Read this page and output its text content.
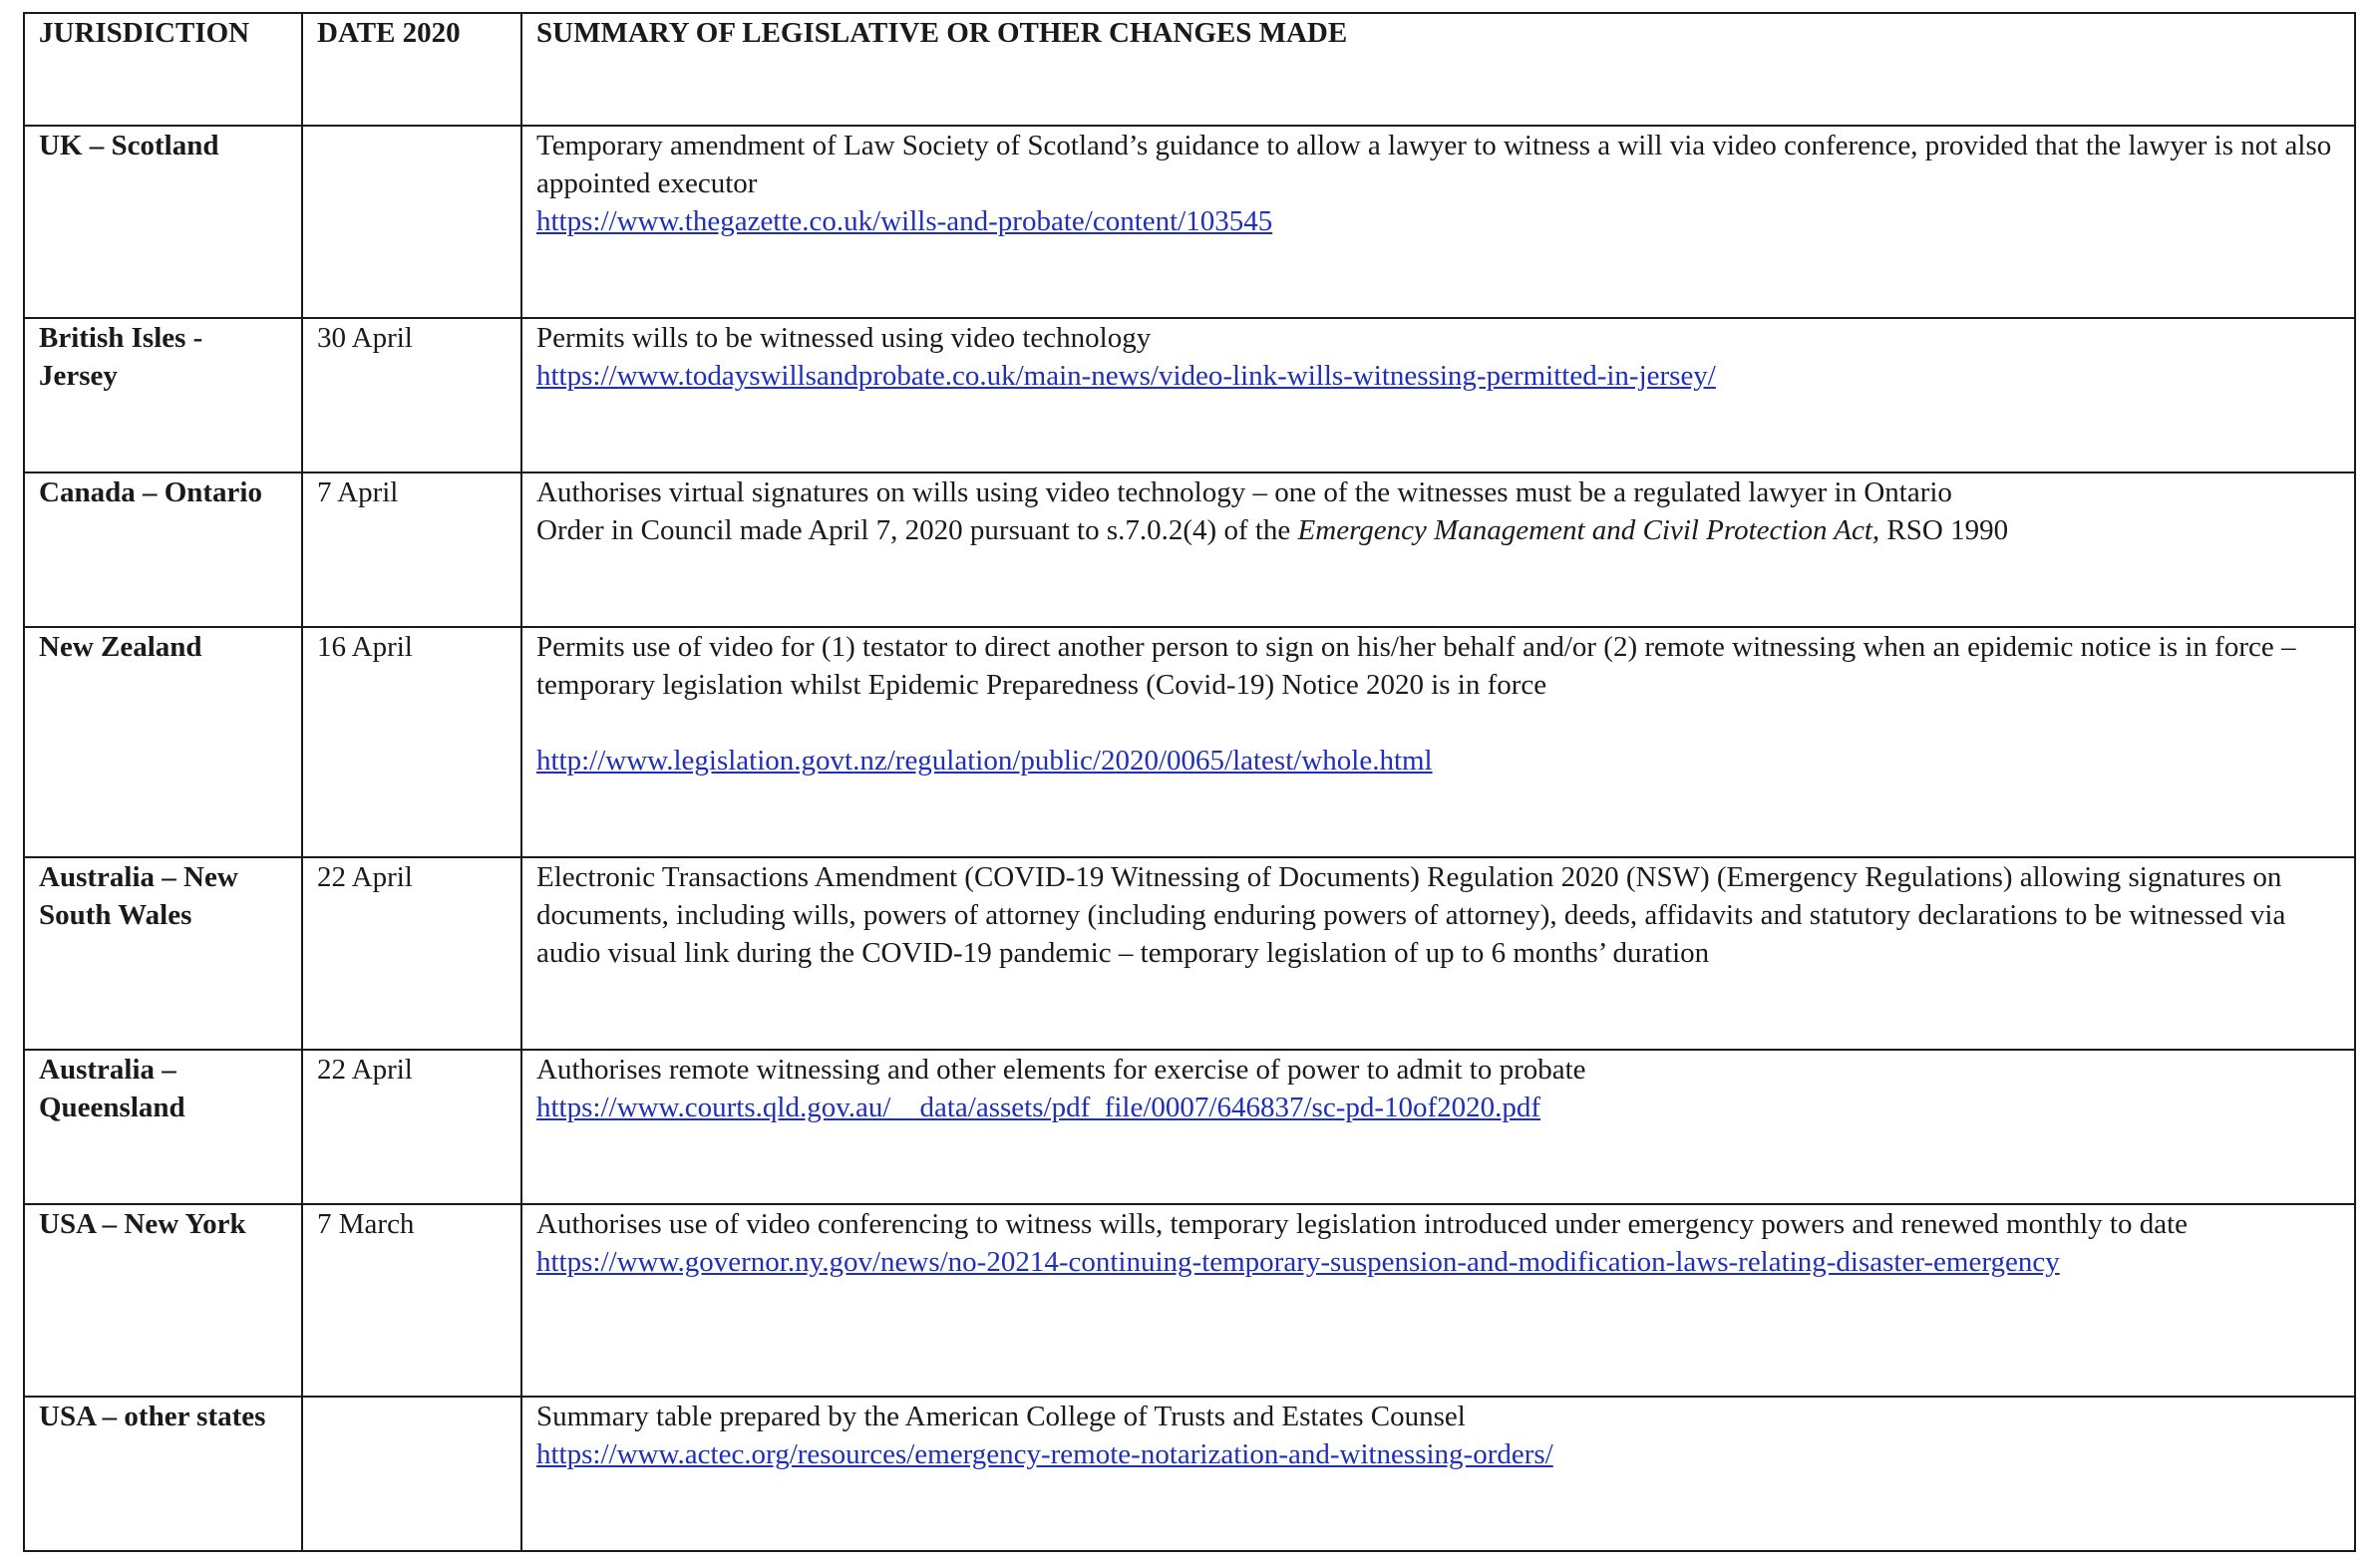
JURISDICTION	DATE 2020	SUMMARY OF LEGISLATIVE OR OTHER CHANGES MADE
UK – Scotland		Temporary amendment of Law Society of Scotland’s guidance to allow a lawyer to witness a will via video conference, provided that the lawyer is not also appointed executor
https://www.thegazette.co.uk/wills-and-probate/content/103545

British Isles - Jersey	30 April	Permits wills to be witnessed using video technology
https://www.todayswillsandprobate.co.uk/main-news/video-link-wills-witnessing-permitted-in-jersey/

Canada – Ontario	7 April	Authorises virtual signatures on wills using video technology – one of the witnesses must be a regulated lawyer in Ontario
Order in Council made April 7, 2020 pursuant to s.7.0.2(4) of the Emergency Management and Civil Protection Act, RSO 1990

New Zealand	16 April	Permits use of video for (1) testator to direct another person to sign on his/her behalf and/or (2) remote witnessing when an epidemic notice is in force – temporary legislation whilst Epidemic Preparedness (Covid-19) Notice 2020 is in force
http://www.legislation.govt.nz/regulation/public/2020/0065/latest/whole.html

Australia – New South Wales	22 April	Electronic Transactions Amendment (COVID-19 Witnessing of Documents) Regulation 2020 (NSW) (Emergency Regulations) allowing signatures on documents, including wills, powers of attorney (including enduring powers of attorney), deeds, affidavits and statutory declarations to be witnessed via audio visual link during the COVID-19 pandemic – temporary legislation of up to 6 months’ duration

Australia – Queensland	22 April	Authorises remote witnessing and other elements for exercise of power to admit to probate
https://www.courts.qld.gov.au/__data/assets/pdf_file/0007/646837/sc-pd-10of2020.pdf

USA – New York	7 March	Authorises use of video conferencing to witness wills, temporary legislation introduced under emergency powers and renewed monthly to date
https://www.governor.ny.gov/news/no-20214-continuing-temporary-suspension-and-modification-laws-relating-disaster-emergency

USA – other states		Summary table prepared by the American College of Trusts and Estates Counsel
https://www.actec.org/resources/emergency-remote-notarization-and-witnessing-orders/
